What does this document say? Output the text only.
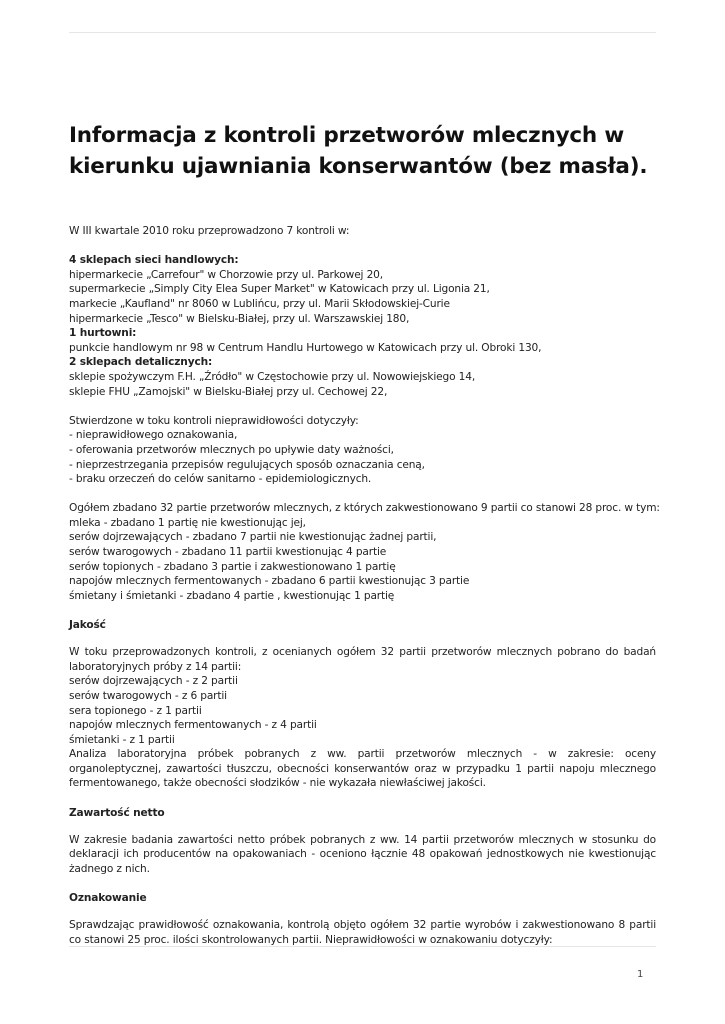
Informacja z kontroli przetworów mlecznych w
kierunku ujawniania konserwantów (bez masła).

W III kwartale 2010 roku przeprowadzono 7 kontroli w:

4 sklepach sieci handlowych:
hipermarkecie „Carrefour" w Chorzowie przy ul. Parkowej 20,
supermarkecie „Simply City Elea Super Market" w Katowicach przy ul. Ligonia 21,
markecie „Kaufland" nr 8060 w Lublińcu, przy ul. Marii Skłodowskiej-Curie
hipermarkecie „Tesco" w Bielsku-Białej, przy ul. Warszawskiej 180,
1 hurtowni:
punkcie handlowym nr 98 w Centrum Handlu Hurtowego w Katowicach przy ul. Obroki 130,
2 sklepach detalicznych:
sklepie spożywczym F.H. „Źródło" w Częstochowie przy ul. Nowowiejskiego 14,
sklepie FHU „Zamojski" w Bielsku-Białej przy ul. Cechowej 22,
Stwierdzone w toku kontroli nieprawidłowości dotyczyły:
- nieprawidłowego oznakowania,
- oferowania przetworów mlecznych po upływie daty ważności,
- nieprzestrzegania przepisów regulujących sposób oznaczania ceną,
- braku orzeczeń do celów sanitarno - epidemiologicznych.
Ogółem zbadano 32 partie przetworów mlecznych, z których zakwestionowano 9 partii co stanowi 28 proc. w tym:
mleka - zbadano 1 partię nie kwestionując jej,
serów dojrzewających - zbadano 7 partii nie kwestionując żadnej partii,
serów twarogowych - zbadano 11 partii kwestionując 4 partie
serów topionych - zbadano 3 partie i zakwestionowano 1 partię
napojów mlecznych fermentowanych - zbadano 6 partii kwestionując 3 partie
śmietany i śmietanki - zbadano 4 partie , kwestionując 1 partię

Jakość

W toku przeprowadzonych kontroli, z ocenianych ogółem 32 partii przetworów mlecznych pobrano do badań laboratoryjnych próby z 14 partii:

serów dojrzewających - z 2 partii
serów twarogowych - z 6 partii
sera topionego - z 1 partii
napojów mlecznych fermentowanych - z 4 partii
śmietanki - z 1 partii

Analiza laboratoryjna próbek pobranych z ww. partii przetworów mlecznych - w zakresie: oceny organoleptycznej, zawartości tłuszczu, obecności konserwantów oraz w przypadku 1 partii napoju mlecznego fermentowanego, także obecności słodzików - nie wykazała niewłaściwej jakości.

Zawartość netto

W zakresie badania zawartości netto próbek pobranych z ww. 14 partii przetworów mlecznych w stosunku do deklaracji ich producentów na opakowaniach - oceniono łącznie 48 opakowań jednostkowych nie kwestionując żadnego z nich.

Oznakowanie

Sprawdzając prawidłowość oznakowania, kontrolą objęto ogółem 32 partie wyrobów i zakwestionowano 8 partii co stanowi 25 proc. ilości skontrolowanych partii. Nieprawidłowości w oznakowaniu dotyczyły:

1
